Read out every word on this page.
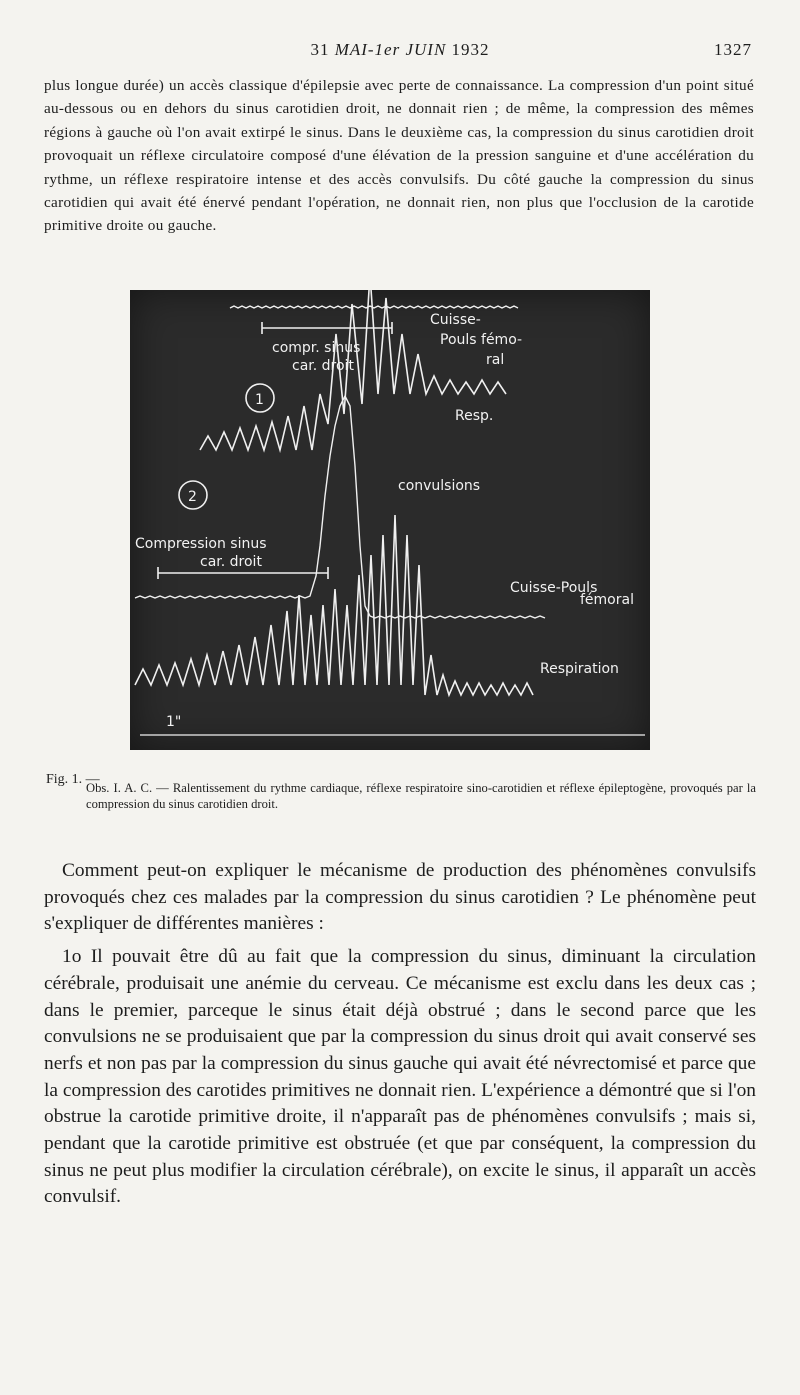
31 MAI-1er JUIN 1932	1327
plus longue durée) un accès classique d'épilepsie avec perte de connaissance. La compression d'un point situé au-dessous ou en dehors du sinus carotidien droit, ne donnait rien ; de même, la compression des mêmes régions à gauche où l'on avait extirpé le sinus. Dans le deuxième cas, la compression du sinus carotidien droit provoquait un réflexe circulatoire composé d'une élévation de la pression sanguine et d'une accélération du rythme, un réflexe respiratoire intense et des accès convulsifs. Du côté gauche la compression du sinus carotidien qui avait été énervé pendant l'opération, ne donnait rien, non plus que l'occlusion de la carotide primitive droite ou gauche.
compr. sinus
car. droit
Cuisse-
Pouls fémo-
ral
Resp.
1
2
convulsions
Compression sinus
car. droit
Cuisse-Pouls
fémoral
Respiration
1"
Fig. 1. —
Obs. I. A. C. — Ralentissement du rythme cardiaque, réflexe respiratoire sino-carotidien et réflexe épileptogène, provoqués par la compression du sinus carotidien droit.

Comment peut-on expliquer le mécanisme de production des phénomènes convulsifs provoqués chez ces malades par la compression du sinus carotidien ? Le phénomène peut s'expliquer de différentes manières :

1o Il pouvait être dû au fait que la compression du sinus, diminuant la circulation cérébrale, produisait une anémie du cerveau. Ce mécanisme est exclu dans les deux cas ; dans le premier, parceque le sinus était déjà obstrué ; dans le second parce que les convulsions ne se produisaient que par la compression du sinus droit qui avait conservé ses nerfs et non pas par la compression du sinus gauche qui avait été névrectomisé et parce que la compression des carotides primitives ne donnait rien. L'expérience a démontré que si l'on obstrue la carotide primitive droite, il n'apparaît pas de phénomènes convulsifs ; mais si, pendant que la carotide primitive est obstruée (et que par conséquent, la compression du sinus ne peut plus modifier la circulation cérébrale), on excite le sinus, il apparaît un accès convulsif.
